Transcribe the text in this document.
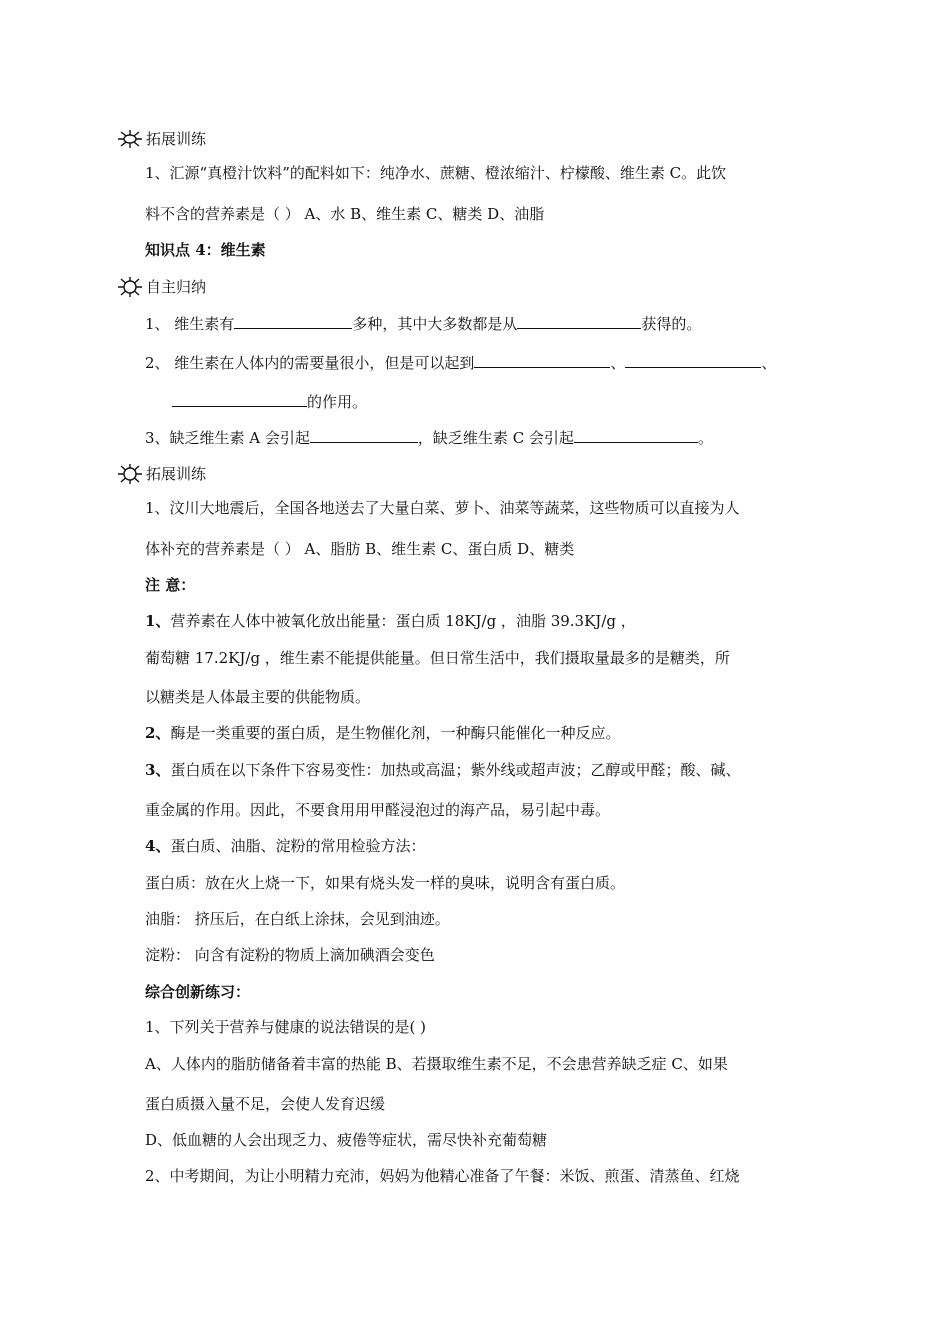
拓展训练
1、汇源“真橙汁饮料”的配料如下：纯净水、蔗糖、橙浓缩汁、柠檬酸、维生素 C。此饮
料不含的营养素是（ ） A、水 B、维生素 C、糖类 D、油脂
知识点 4：维生素
自主归纳
1、 维生素有	多种，其中大多数都是从	获得的。
2、 维生素在人体内的需要量很小，但是可以起到	、	、
的作用。
3、缺乏维生素 A 会引起	，缺乏维生素 C 会引起	。
拓展训练
1、汶川大地震后，全国各地送去了大量白菜、萝卜、油菜等蔬菜，这些物质可以直接为人
体补充的营养素是（ ） A、脂肪 B、维生素 C、蛋白质 D、糖类
注 意：
1、营养素在人体中被氧化放出能量：蛋白质 18KJ/g ，油脂 39.3KJ/g ，
葡萄糖 17.2KJ/g ，维生素不能提供能量。但日常生活中，我们摄取量最多的是糖类，所
以糖类是人体最主要的供能物质。
2、酶是一类重要的蛋白质，是生物催化剂，一种酶只能催化一种反应。
3、蛋白质在以下条件下容易变性：加热或高温；紫外线或超声波；乙醇或甲醛；酸、碱、
重金属的作用。因此，不要食用用甲醛浸泡过的海产品，易引起中毒。
4、蛋白质、油脂、淀粉的常用检验方法：
蛋白质：放在火上烧一下，如果有烧头发一样的臭味，说明含有蛋白质。
油脂： 挤压后，在白纸上涂抹，会见到油迹。
淀粉： 向含有淀粉的物质上滴加碘酒会变色
综合创新练习：
1、下列关于营养与健康的说法错误的是( )
A、人体内的脂肪储备着丰富的热能 B、若摄取维生素不足，不会患营养缺乏症 C、如果
蛋白质摄入量不足，会使人发育迟缓
D、低血糖的人会出现乏力、疲倦等症状，需尽快补充葡萄糖
2、中考期间，为让小明精力充沛，妈妈为他精心准备了午餐：米饭、煎蛋、清蒸鱼、红烧
